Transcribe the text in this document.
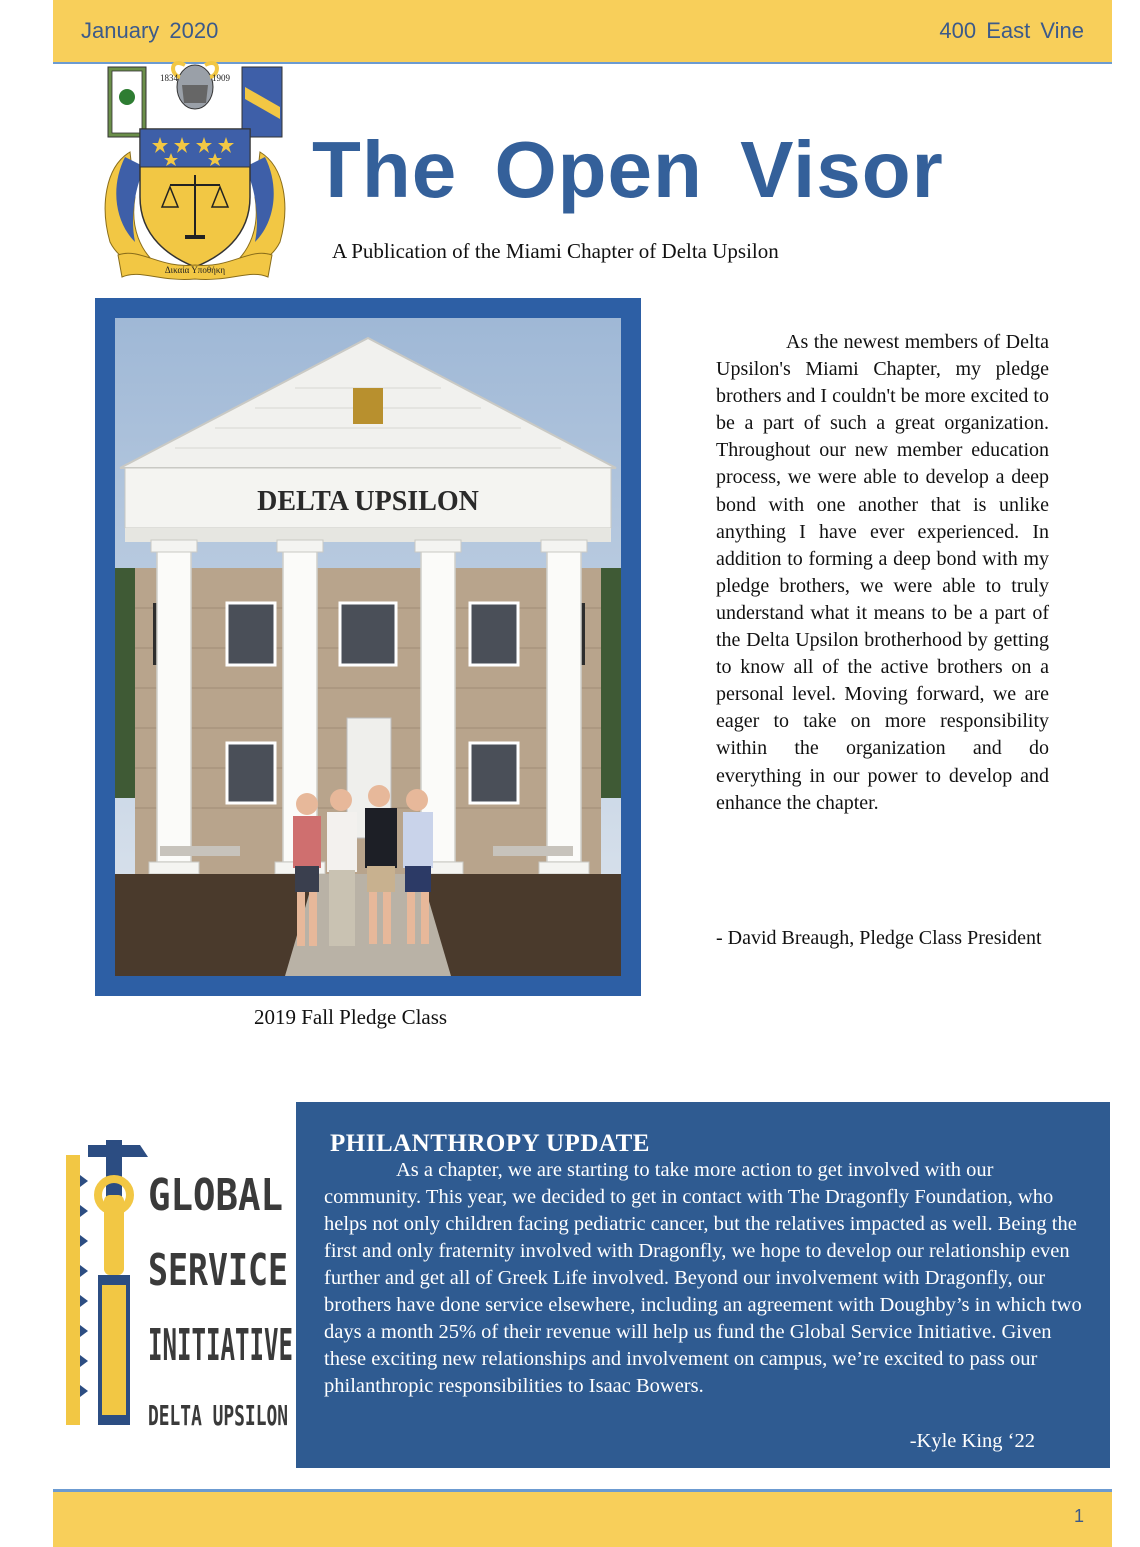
January 2020	400 East Vine
1834	1909
Δικαία Υποθήκη
The Open Visor
A Publication of the Miami Chapter of Delta Upsilon
DELTA UPSILON
2019 Fall Pledge Class

As the newest members of Delta Upsilon's Miami Chapter, my pledge brothers and I couldn't be more excited to be a part of such a great organization. Throughout our new member education process, we were able to develop a deep bond with one another that is unlike anything I have ever experienced. In addition to forming a deep bond with my pledge brothers, we were able to truly understand what it means to be a part of the Delta Upsilon brotherhood by getting to know all of the active brothers on a personal level. Moving forward, we are eager to take on more responsibility within the organization and do everything in our power to develop and enhance the chapter.

- David Breaugh, Pledge Class President

GLOBAL
SERVICE
INITIATIVE
DELTA UPSILON
PHILANTHROPY UPDATE

As a chapter, we are starting to take more action to get involved with our community. This year, we decided to get in contact with The Dragonfly Foundation, who helps not only children facing pediatric cancer, but the relatives impacted as well. Being the first and only fraternity involved with Dragonfly, we hope to develop our relationship even further and get all of Greek Life involved. Beyond our involvement with Dragonfly, our brothers have done service elsewhere, including an agreement with Doughby’s in which two days a month 25% of their revenue will help us fund the Global Service Initiative. Given these exciting new relationships and involvement on campus, we’re excited to pass our philanthropic responsibilities to Isaac Bowers.

-Kyle King ‘22
1
